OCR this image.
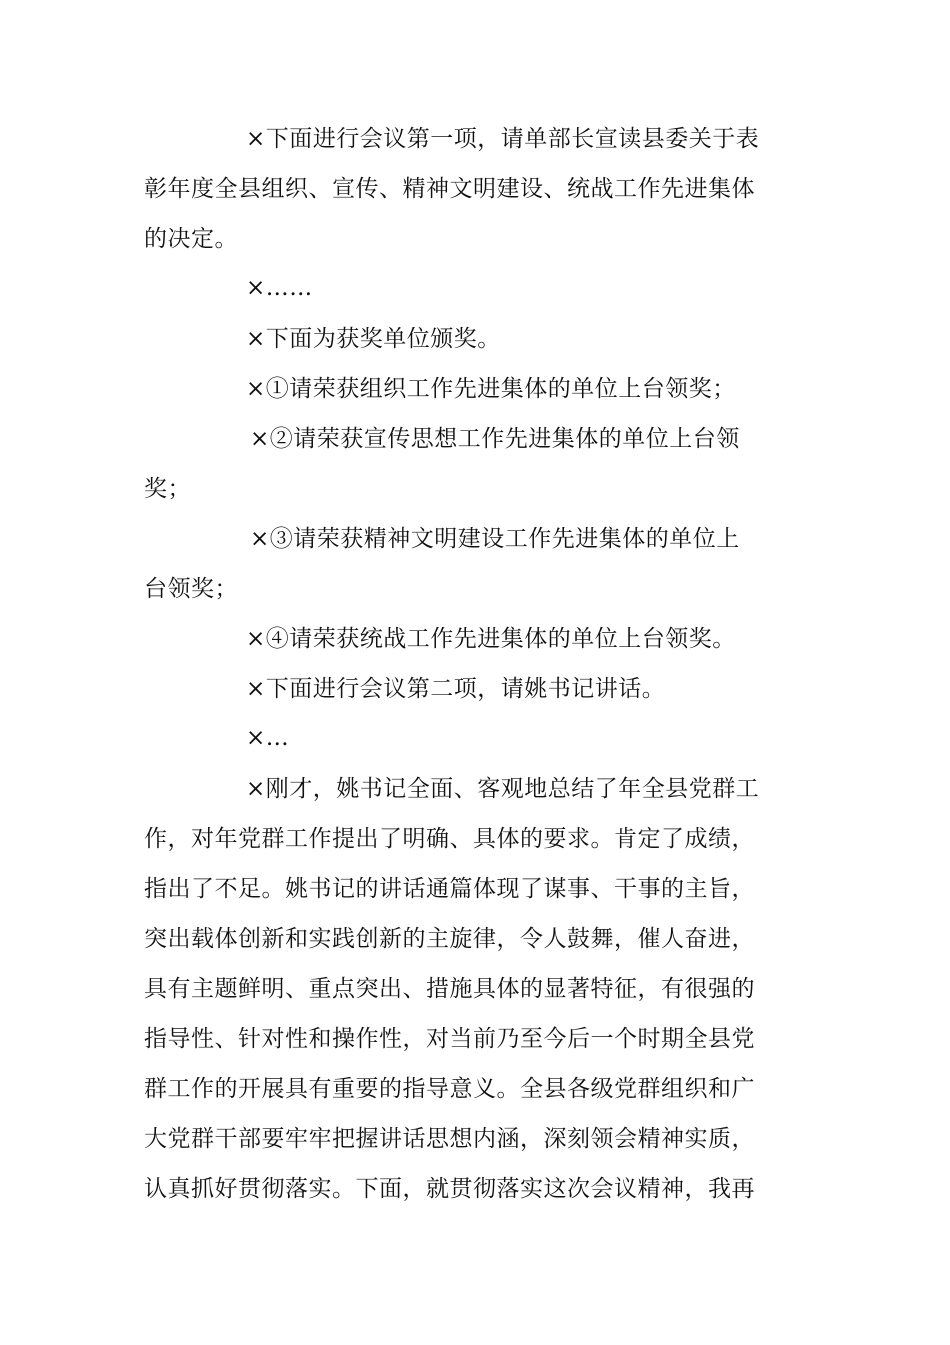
×下面进行会议第一项，请单部长宣读县委关于表
彰年度全县组织、宣传、精神文明建设、统战工作先进集体
的决定。
×……
×下面为获奖单位颁奖。
×①请荣获组织工作先进集体的单位上台领奖；
×②请荣获宣传思想工作先进集体的单位上台领
奖；
×③请荣获精神文明建设工作先进集体的单位上
台领奖；
×④请荣获统战工作先进集体的单位上台领奖。
×下面进行会议第二项，请姚书记讲话。
×…
×刚才，姚书记全面、客观地总结了年全县党群工
作，对年党群工作提出了明确、具体的要求。肯定了成绩，
指出了不足。姚书记的讲话通篇体现了谋事、干事的主旨，
突出载体创新和实践创新的主旋律，令人鼓舞，催人奋进，
具有主题鲜明、重点突出、措施具体的显著特征，有很强的
指导性、针对性和操作性，对当前乃至今后一个时期全县党
群工作的开展具有重要的指导意义。全县各级党群组织和广
大党群干部要牢牢把握讲话思想内涵，深刻领会精神实质，
认真抓好贯彻落实。下面，就贯彻落实这次会议精神，我再
